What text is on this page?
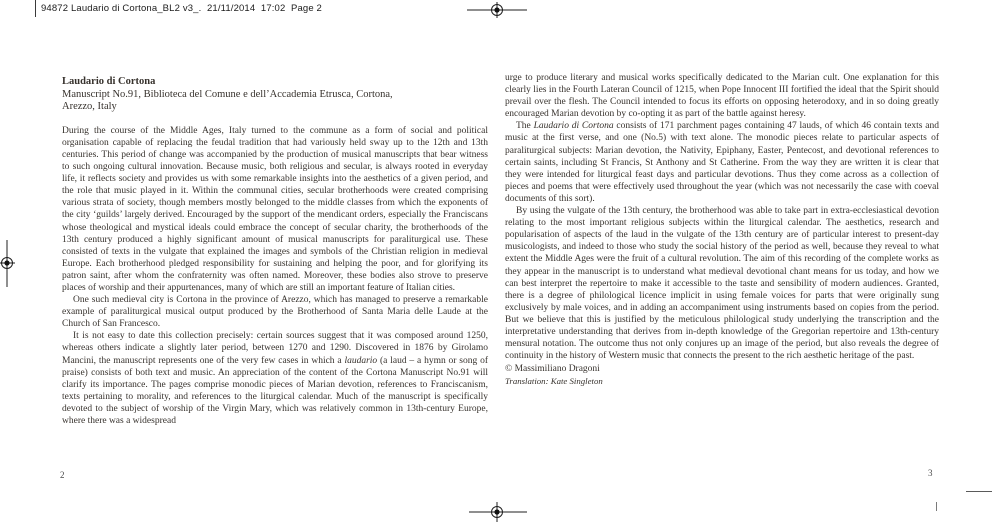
94872 Laudario di Cortona_BL2 v3_.  21/11/2014  17:02  Page 2
Laudario di Cortona
Manuscript No.91, Biblioteca del Comune e dell’Accademia Etrusca, Cortona,
Arezzo, Italy

During the course of the Middle Ages, Italy turned to the commune as a form of social and political organisation capable of replacing the feudal tradition that had variously held sway up to the 12th and 13th centuries. This period of change was accompanied by the production of musical manuscripts that bear witness to such ongoing cultural innovation. Because music, both religious and secular, is always rooted in everyday life, it reflects society and provides us with some remarkable insights into the aesthetics of a given period, and the role that music played in it. Within the communal cities, secular brotherhoods were created comprising various strata of society, though members mostly belonged to the middle classes from which the exponents of the city ‘guilds’ largely derived. Encouraged by the support of the mendicant orders, especially the Franciscans whose theological and mystical ideals could embrace the concept of secular charity, the brotherhoods of the 13th century produced a highly significant amount of musical manuscripts for paraliturgical use. These consisted of texts in the vulgate that explained the images and symbols of the Christian religion in medieval Europe. Each brotherhood pledged responsibility for sustaining and helping the poor, and for glorifying its patron saint, after whom the confraternity was often named. Moreover, these bodies also strove to preserve places of worship and their appurtenances, many of which are still an important feature of Italian cities.

One such medieval city is Cortona in the province of Arezzo, which has managed to preserve a remarkable example of paraliturgical musical output produced by the Brotherhood of Santa Maria delle Laude at the Church of San Francesco.

It is not easy to date this collection precisely: certain sources suggest that it was composed around 1250, whereas others indicate a slightly later period, between 1270 and 1290. Discovered in 1876 by Girolamo Mancini, the manuscript represents one of the very few cases in which a laudario (a laud – a hymn or song of praise) consists of both text and music. An appreciation of the content of the Cortona Manuscript No.91 will clarify its importance. The pages comprise monodic pieces of Marian devotion, references to Franciscanism, texts pertaining to morality, and references to the liturgical calendar. Much of the manuscript is specifically devoted to the subject of worship of the Virgin Mary, which was relatively common in 13th-century Europe, where there was a widespread

2

urge to produce literary and musical works specifically dedicated to the Marian cult. One explanation for this clearly lies in the Fourth Lateran Council of 1215, when Pope Innocent III fortified the ideal that the Spirit should prevail over the flesh. The Council intended to focus its efforts on opposing heterodoxy, and in so doing greatly encouraged Marian devotion by co-opting it as part of the battle against heresy.

The Laudario di Cortona consists of 171 parchment pages containing 47 lauds, of which 46 contain texts and music at the first verse, and one (No.5) with text alone. The monodic pieces relate to particular aspects of paraliturgical subjects: Marian devotion, the Nativity, Epiphany, Easter, Pentecost, and devotional references to certain saints, including St Francis, St Anthony and St Catherine. From the way they are written it is clear that they were intended for liturgical feast days and particular devotions. Thus they come across as a collection of pieces and poems that were effectively used throughout the year (which was not necessarily the case with coeval documents of this sort).

By using the vulgate of the 13th century, the brotherhood was able to take part in extra-ecclesiastical devotion relating to the most important religious subjects within the liturgical calendar. The aesthetics, research and popularisation of aspects of the laud in the vulgate of the 13th century are of particular interest to present-day musicologists, and indeed to those who study the social history of the period as well, because they reveal to what extent the Middle Ages were the fruit of a cultural revolution. The aim of this recording of the complete works as they appear in the manuscript is to understand what medieval devotional chant means for us today, and how we can best interpret the repertoire to make it accessible to the taste and sensibility of modern audiences. Granted, there is a degree of philological licence implicit in using female voices for parts that were originally sung exclusively by male voices, and in adding an accompaniment using instruments based on copies from the period. But we believe that this is justified by the meticulous philological study underlying the transcription and the interpretative understanding that derives from in-depth knowledge of the Gregorian repertoire and 13th-century mensural notation. The outcome thus not only conjures up an image of the period, but also reveals the degree of continuity in the history of Western music that connects the present to the rich aesthetic heritage of the past.

© Massimiliano Dragoni
Translation: Kate Singleton
3
